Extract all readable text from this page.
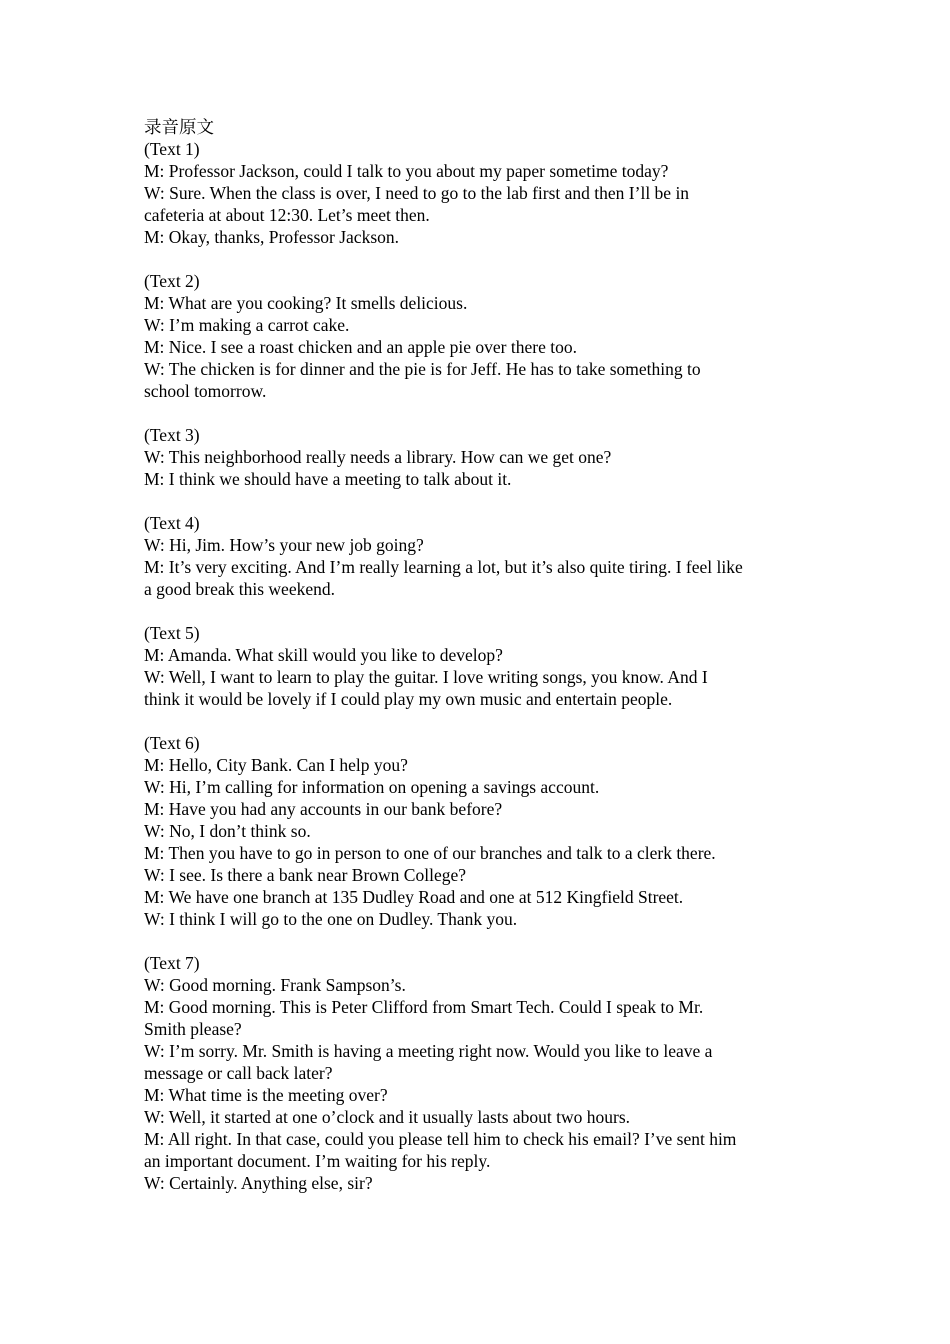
录音原文
(Text 1)
M: Professor Jackson, could I talk to you about my paper sometime today?
W: Sure. When the class is over, I need to go to the lab first and then I’ll be in
cafeteria at about 12:30. Let’s meet then.
M: Okay, thanks, Professor Jackson.
(Text 2)
M: What are you cooking? It smells delicious.
W: I’m making a carrot cake.
M: Nice. I see a roast chicken and an apple pie over there too.
W: The chicken is for dinner and the pie is for Jeff. He has to take something to
school tomorrow.
(Text 3)
W: This neighborhood really needs a library. How can we get one?
M: I think we should have a meeting to talk about it.
(Text 4)
W: Hi, Jim. How’s your new job going?
M: It’s very exciting. And I’m really learning a lot, but it’s also quite tiring. I feel like
a good break this weekend.
(Text 5)
M: Amanda. What skill would you like to develop?
W: Well, I want to learn to play the guitar. I love writing songs, you know. And I
think it would be lovely if I could play my own music and entertain people.
(Text 6)
M: Hello, City Bank. Can I help you?
W: Hi, I’m calling for information on opening a savings account.
M: Have you had any accounts in our bank before?
W: No, I don’t think so.
M: Then you have to go in person to one of our branches and talk to a clerk there.
W: I see. Is there a bank near Brown College?
M: We have one branch at 135 Dudley Road and one at 512 Kingfield Street.
W: I think I will go to the one on Dudley. Thank you.
(Text 7)
W: Good morning. Frank Sampson’s.
M: Good morning. This is Peter Clifford from Smart Tech. Could I speak to Mr.
Smith please?
W: I’m sorry. Mr. Smith is having a meeting right now. Would you like to leave a
message or call back later?
M: What time is the meeting over?
W: Well, it started at one o’clock and it usually lasts about two hours.
M: All right. In that case, could you please tell him to check his email? I’ve sent him
an important document. I’m waiting for his reply.
W: Certainly. Anything else, sir?
